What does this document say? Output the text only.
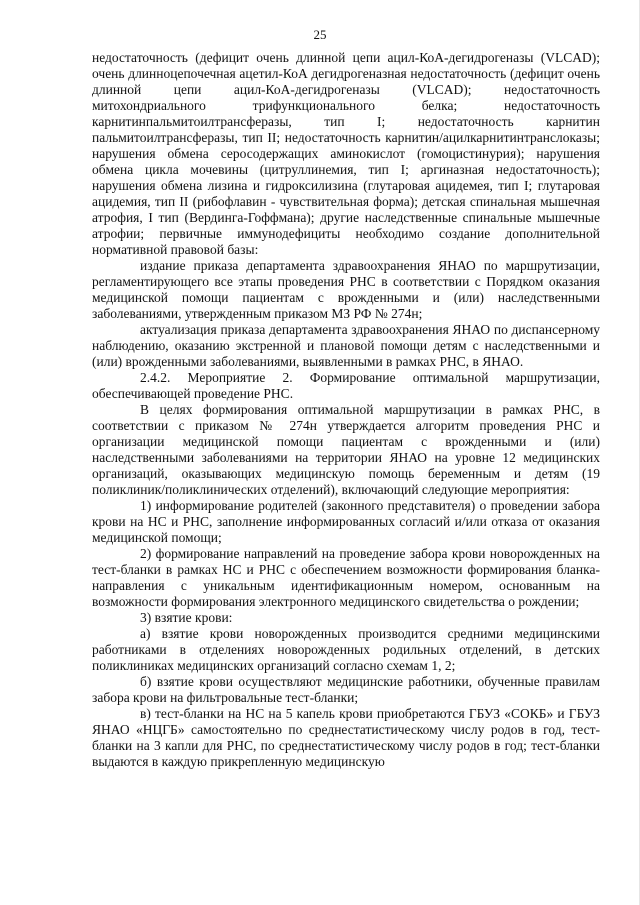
25

недостаточность (дефицит очень длинной цепи ацил-КоА-дегидрогеназы (VLCAD); очень длинноцепочечная ацетил-КоА дегидрогеназная недостаточность (дефицит очень длинной цепи ацил-КоА-дегидрогеназы (VLCAD); недостаточность митохондриального трифункционального белка; недостаточность карнитинпальмитоилтрансферазы, тип I; недостаточность карнитин пальмитоилтрансферазы, тип II; недостаточность карнитин/ацилкарнитинтранслоказы; нарушения обмена серосодержащих аминокислот (гомоцистинурия); нарушения обмена цикла мочевины (цитруллинемия, тип I; аргиназная недостаточность); нарушения обмена лизина и гидроксилизина (глутаровая ацидемея, тип I; глутаровая ацидемия, тип II (рибофлавин - чувствительная форма); детская спинальная мышечная атрофия, I тип (Вердинга-Гоффмана); другие наследственные спинальные мышечные атрофии; первичные иммунодефициты необходимо создание дополнительной нормативной правовой базы:

издание приказа департамента здравоохранения ЯНАО по маршрутизации, регламентирующего все этапы проведения РНС в соответствии с Порядком оказания медицинской помощи пациентам с врожденными и (или) наследственными заболеваниями, утвержденным приказом МЗ РФ № 274н;

актуализация приказа департамента здравоохранения ЯНАО по диспансерному наблюдению, оказанию экстренной и плановой помощи детям с наследственными и (или) врожденными заболеваниями, выявленными в рамках РНС, в ЯНАО.

2.4.2. Мероприятие 2. Формирование оптимальной маршрутизации, обеспечивающей проведение РНС.

В целях формирования оптимальной маршрутизации в рамках РНС, в соответствии с приказом № 274н утверждается алгоритм проведения РНС и организации медицинской помощи пациентам с врожденными и (или) наследственными заболеваниями на территории ЯНАО на уровне 12 медицинских организаций, оказывающих медицинскую помощь беременным и детям (19 поликлиник/поликлинических отделений), включающий следующие мероприятия:

1) информирование родителей (законного представителя) о проведении забора крови на НС и РНС, заполнение информированных согласий и/или отказа от оказания медицинской помощи;

2) формирование направлений на проведение забора крови новорожденных на тест-бланки в рамках НС и РНС с обеспечением возможности формирования бланка-направления с уникальным идентификационным номером, основанным на возможности формирования электронного медицинского свидетельства о рождении;

3) взятие крови:

а) взятие крови новорожденных производится средними медицинскими работниками в отделениях новорожденных родильных отделений, в детских поликлиниках медицинских организаций согласно схемам 1, 2;

б) взятие крови осуществляют медицинские работники, обученные правилам забора крови на фильтровальные тест-бланки;

в) тест-бланки на НС на 5 капель крови приобретаются ГБУЗ «СОКБ» и ГБУЗ ЯНАО «НЦГБ» самостоятельно по среднестатистическому числу родов в год, тест-бланки на 3 капли для РНС, по среднестатистическому числу родов в год; тест-бланки выдаются в каждую прикрепленную медицинскую
